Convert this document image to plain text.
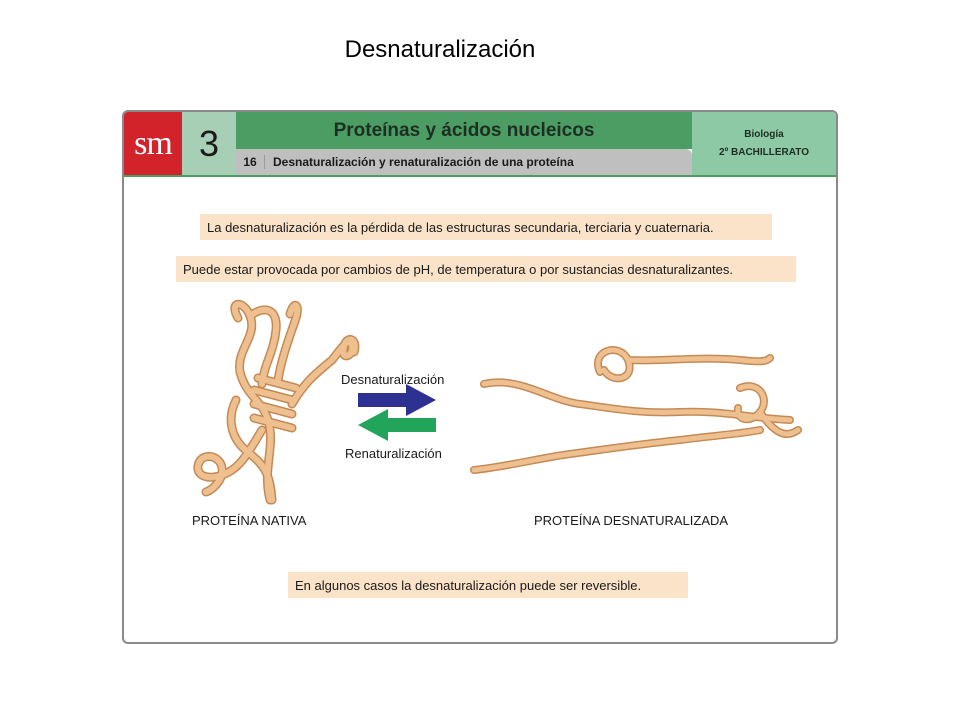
Desnaturalización
sm 3	Proteínas y ácidos nucleicos
16	Desnaturalización y renaturalización de una proteína
Biología
2º BACHILLERATO
La desnaturalización es la pérdida de las estructuras secundaria, terciaria y cuaternaria.
Puede estar provocada por cambios de pH, de temperatura o por sustancias desnaturalizantes.
En algunos casos la desnaturalización puede ser reversible.
Desnaturalización
Renaturalización
PROTEÍNA NATIVA	PROTEÍNA DESNATURALIZADA
